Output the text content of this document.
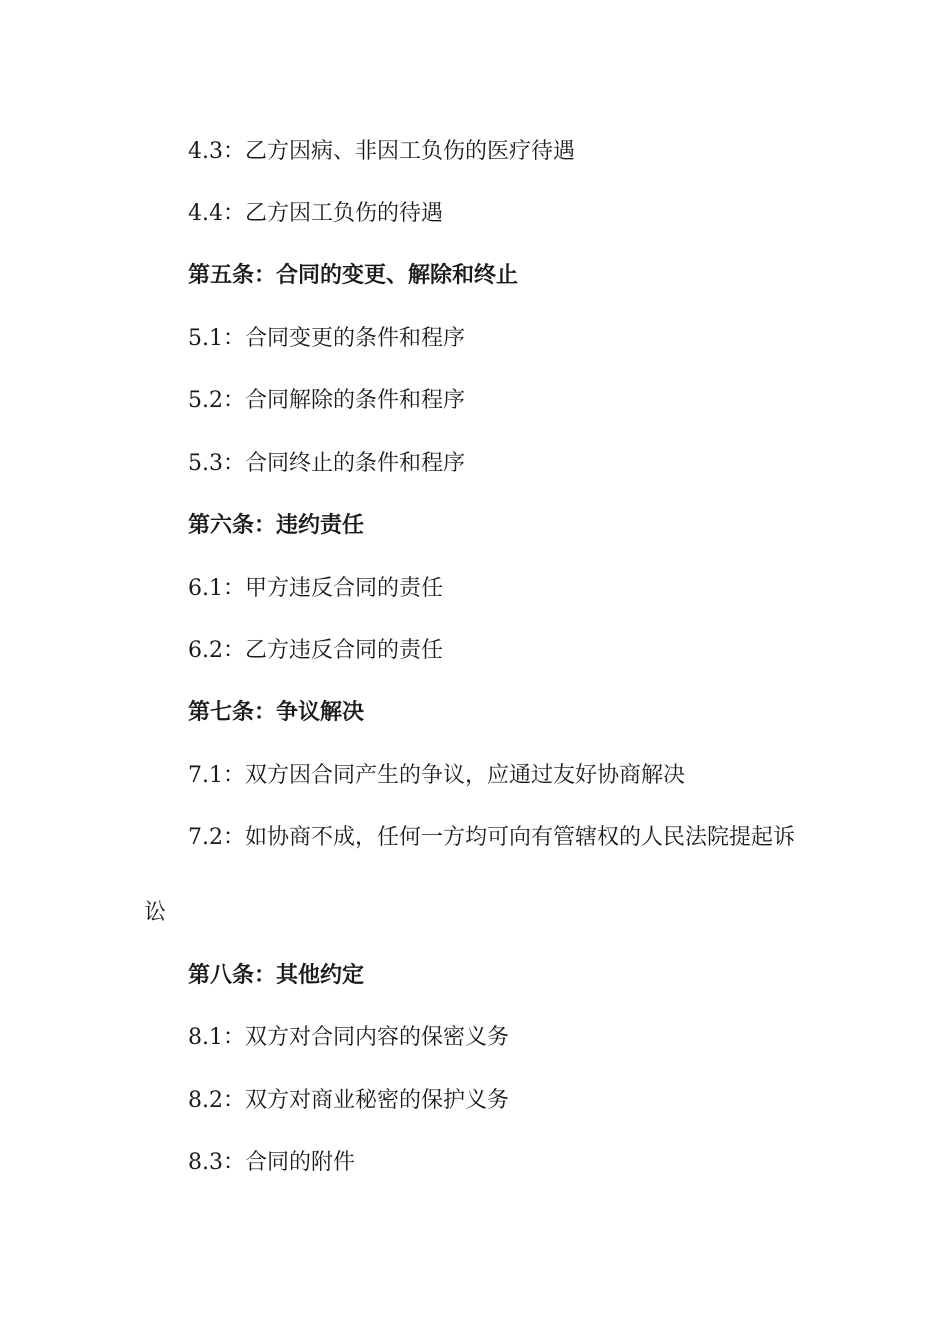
4.3：乙方因病、非因工负伤的医疗待遇
4.4：乙方因工负伤的待遇
第五条：合同的变更、解除和终止
5.1：合同变更的条件和程序
5.2：合同解除的条件和程序
5.3：合同终止的条件和程序
第六条：违约责任
6.1：甲方违反合同的责任
6.2：乙方违反合同的责任
第七条：争议解决
7.1：双方因合同产生的争议，应通过友好协商解决
7.2：如协商不成，任何一方均可向有管辖权的人民法院提起诉
讼
第八条：其他约定
8.1：双方对合同内容的保密义务
8.2：双方对商业秘密的保护义务
8.3：合同的附件
